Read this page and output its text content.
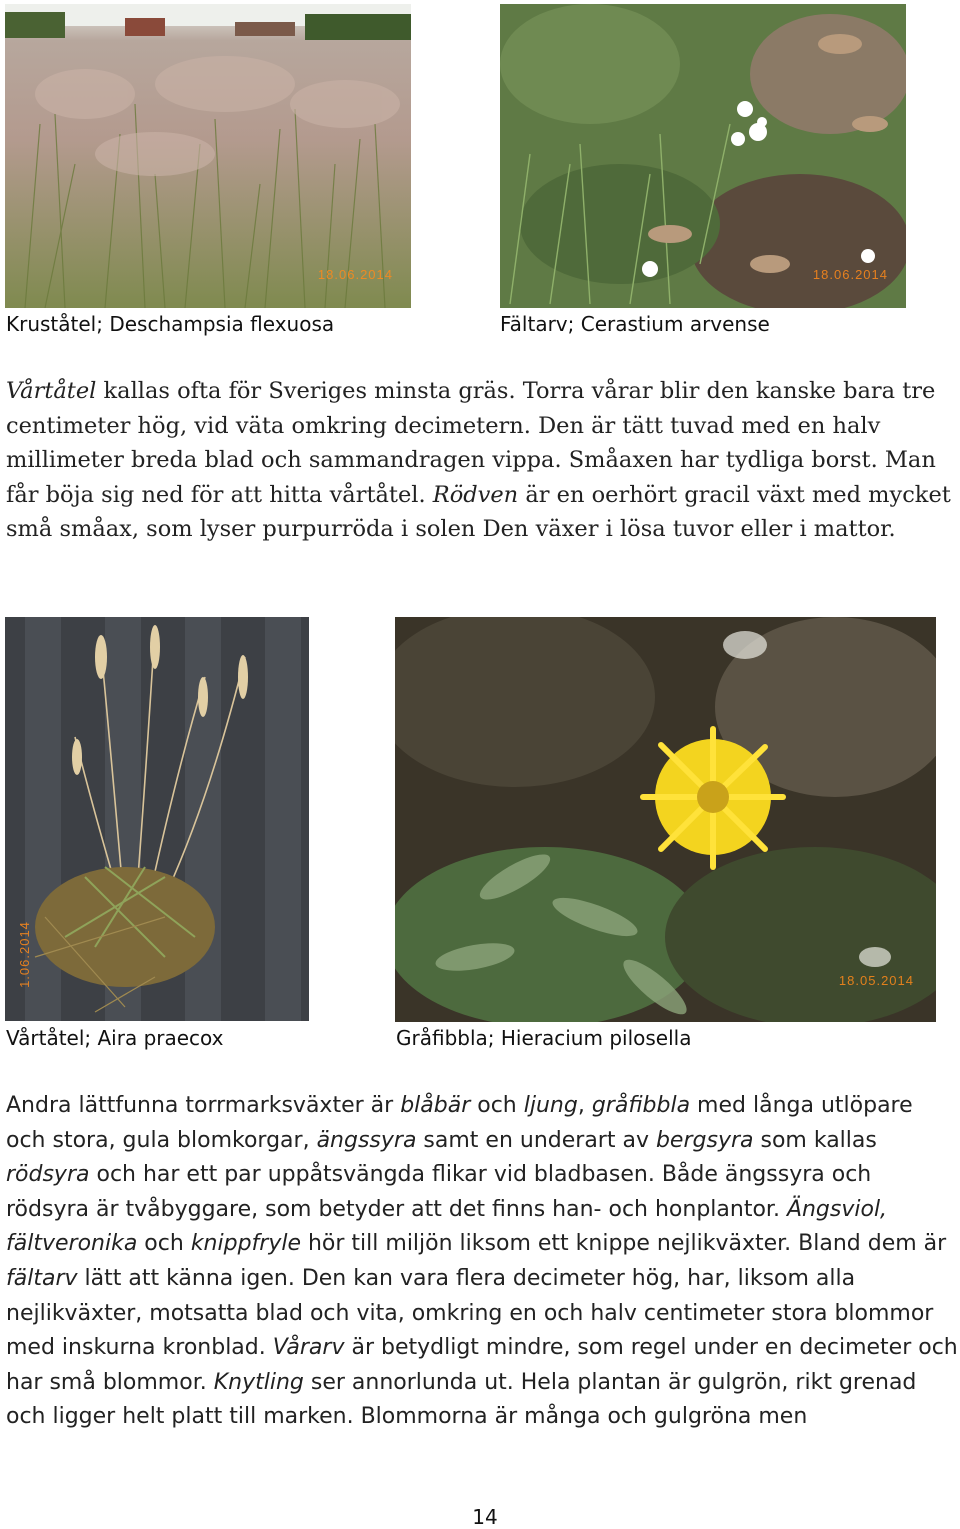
18.06.2014	18.06.2014
Kruståtel; Deschampsia flexuosa	Fältarv; Cerastium arvense

Vårtåtel kallas ofta för Sveriges minsta gräs. Torra vårar blir den kanske bara tre centimeter hög, vid väta omkring decimetern. Den är tätt tuvad med en halv millimeter breda blad och sammandragen vippa. Småaxen har tydliga borst. Man får böja sig ned för att hitta vårtåtel. Rödven är en oerhört gracil växt med mycket små småax, som lyser purpurröda i solen Den växer i lösa tuvor eller i mattor.

1.06.2014	18.05.2014
Vårtåtel; Aira praecox	Gråfibbla; Hieracium pilosella

Andra lättfunna torrmarksväxter är blåbär och ljung, gråfibbla med långa utlöpare och stora, gula blomkorgar, ängssyra samt en underart av bergsyra som kallas rödsyra och har ett par uppåtsvängda flikar vid bladbasen. Både ängssyra och rödsyra är tvåbyggare, som betyder att det finns han- och honplantor. Ängsviol, fältveronika och knippfryle hör till miljön liksom ett knippe nejlikväxter. Bland dem är fältarv lätt att känna igen. Den kan vara flera decimeter hög, har, liksom alla nejlikväxter, motsatta blad och vita, omkring en och halv centimeter stora blommor med inskurna kronblad. Vårarv är betydligt mindre, som regel under en decimeter och har små blommor. Knytling ser annorlunda ut. Hela plantan är gulgrön, rikt grenad och ligger helt platt till marken. Blommorna är många och gulgröna men

14
